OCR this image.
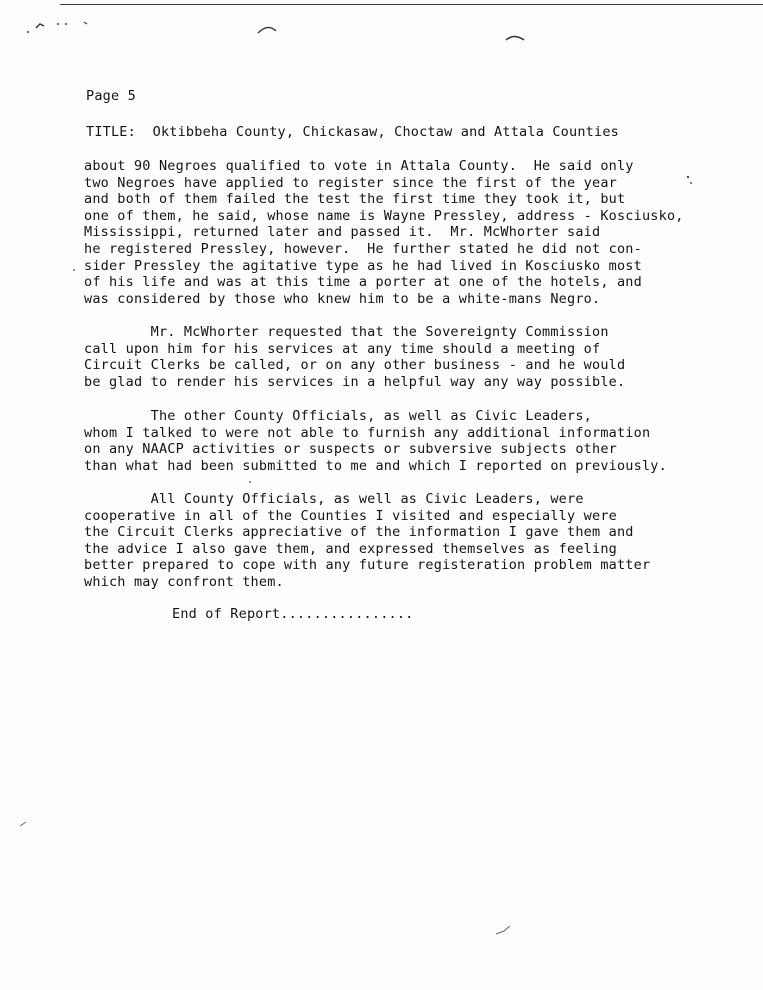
Page 5

TITLE:  Oktibbeha County, Chickasaw, Choctaw and Attala Counties

about 90 Negroes qualified to vote in Attala County.  He said only
two Negroes have applied to register since the first of the year
and both of them failed the test the first time they took it, but
one of them, he said, whose name is Wayne Pressley, address - Kosciusko,
Mississippi, returned later and passed it.  Mr. McWhorter said
he registered Pressley, however.  He further stated he did not con-
sider Pressley the agitative type as he had lived in Kosciusko most
of his life and was at this time a porter at one of the hotels, and
was considered by those who knew him to be a white-mans Negro.
Mr. McWhorter requested that the Sovereignty Commission
call upon him for his services at any time should a meeting of
Circuit Clerks be called, or on any other business - and he would
be glad to render his services in a helpful way any way possible.
The other County Officials, as well as Civic Leaders,
whom I talked to were not able to furnish any additional information
on any NAACP activities or suspects or subversive subjects other
than what had been submitted to me and which I reported on previously.
All County Officials, as well as Civic Leaders, were
cooperative in all of the Counties I visited and especially were
the Circuit Clerks appreciative of the information I gave them and
the advice I also gave them, and expressed themselves as feeling
better prepared to cope with any future registeration problem matter
which may confront them.

End of Report................
